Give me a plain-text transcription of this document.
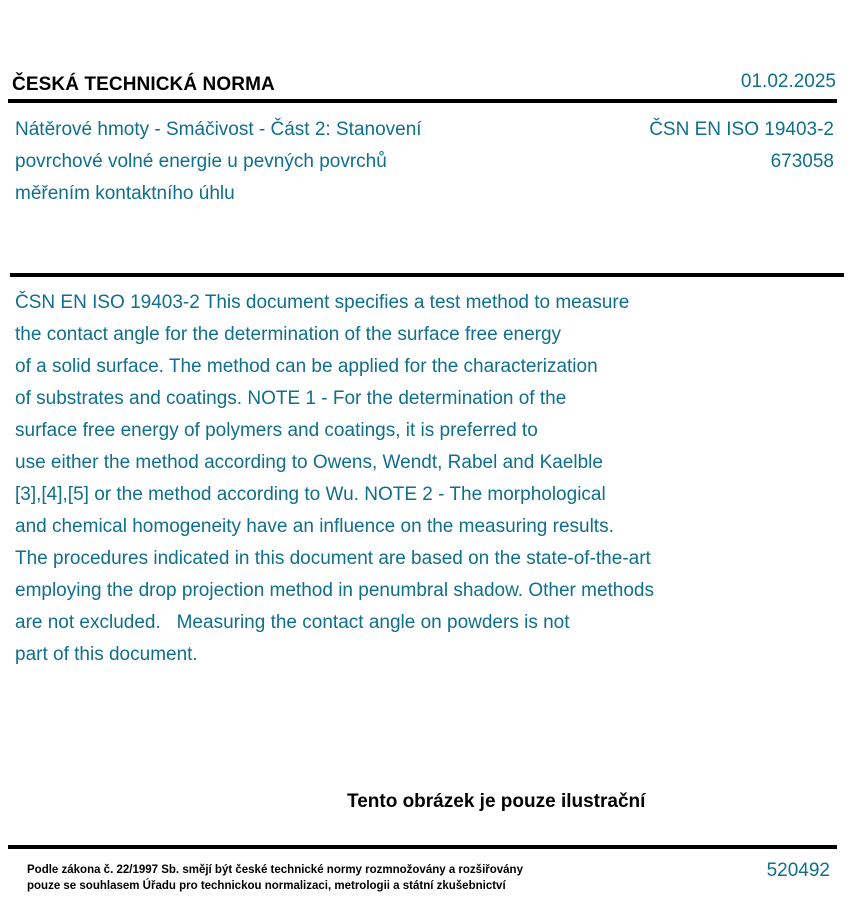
ČESKÁ TECHNICKÁ NORMA	01.02.2025
Nátěrové hmoty - Smáčivost - Část 2: Stanovení
povrchové volné energie u pevných povrchů
měřením kontaktního úhlu
ČSN EN ISO 19403-2
673058
ČSN EN ISO 19403-2 This document specifies a test method to measure
the contact angle for the determination of the surface free energy
of a solid surface. The method can be applied for the characterization
of substrates and coatings. NOTE 1 - For the determination of the
surface free energy of polymers and coatings, it is preferred to
use either the method according to Owens, Wendt, Rabel and Kaelble
[3],[4],[5] or the method according to Wu. NOTE 2 - The morphological
and chemical homogeneity have an influence on the measuring results.
The procedures indicated in this document are based on the state-of-the-art
employing the drop projection method in penumbral shadow. Other methods
are not excluded.   Measuring the contact angle on powders is not
part of this document.
Tento obrázek je pouze ilustrační
Podle zákona č. 22/1997 Sb. smějí být české technické normy rozmnožovány a rozšiřovány
pouze se souhlasem Úřadu pro technickou normalizaci, metrologii a státní zkušebnictví
520492
